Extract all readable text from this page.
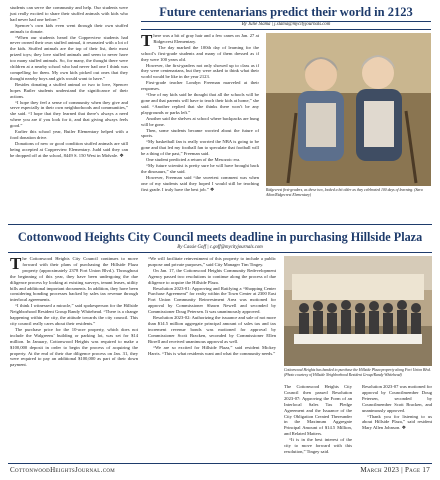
students can serve the community and help. Our students were just really excited to share their stuffed animals with kids who had never had one before.”

Spencer’s own kids even went through their own stuffed animals to donate.

“When our students heard the Copperview students had never owned their own stuffed animal, it resonated with a lot of the kids. Stuffed animals are the top of their list, their most prized toys; they love stuffed animals and seem to never have too many stuffed animals. So, for many, the thought there were children at a nearby school who had never had one I think was compelling for them. My own kids picked out ones that they thought nearby boys and girls would want to have.”

Besides donating a stuffed animal or two to love, Spencer hopes Butler students understand the significance of their actions.

“I hope they feel a sense of community when they give and serve especially in their own neighborhoods and communities,” she said. “I hope that they learned that there’s always a need where you are if you look for it, and that giving always feels good.”

Earlier this school year, Butler Elementary helped with a food donation drive.

Donations of new or good condition stuffed animals are still being accepted at Copperview Elementary. Judd said they can be dropped off at the school, 8449 S. 150 West in Midvale. ❖

Future centenarians predict their world in 2123
By Julie Slama | j.slama@mycityjournals.com

There was a bit of gray hair and a few canes on Jan. 27 at Ridgecrest Elementary.

The day marked the 100th day of learning for the school’s first-grade students and many of them dressed as if they were 100 years old.

However, the first-graders not only showed up to class as if they were centenarians, but they were asked to think what their world would be like in the year 2123.

First-grade teacher Londyn Freeman marveled at their responses.

“One of my kids said he thought that all the schools will be gone and that parents will have to teach their kids at home,” she said. “Another replied that she thinks there won’t be any playgrounds or parks left.”

Another said the shelves at school where backpacks are hung will be gone.

Then, some students became worried about the future of sports.

“My basketball fan is really worried the NBA is going to be gone and that led my football fan to speculate that football will be a thing of the past,” Freeman said.

One student predicted a return of the Mesozoic era.

“My future scientist is pretty sure he will have brought back the dinosaurs,” she said.

However, Freeman said “the sweetest comment was when one of my students said they hoped I would still be teaching first grade. I truly have the best job.” ❖	Ridgecrest first-graders, as these two, looked a bit older as they celebrated 100 days of learning. (Sara Alton/Ridgecrest Elementary)
Cottonwood Heights City Council meets deadline in purchasing Hillside Plaza
By Cassie Goff | c.goff@mycityjournals.com

The Cottonwood Heights City Council continues to move forward with their plans of purchasing the Hillside Plaza property (approximately 2378 Fort Union Blvd.). Throughout the beginning of this year, they have been undergoing the due diligence process by looking at existing surveys, tenant leases, utility bills and additional important documents. In addition, they have been considering bonding processes backed by sales tax revenue through interlocal agreements.

“I think I witnessed a miracle,” said spokesperson for the Hillside Neighborhood Resident Group Randy Whitehead. “There is a change happening within the city, the attitude towards the city council. This city council really cares about their residents.”

The purchase price for the 10-acre property, which does not include the Walgreens’ building or parking lot, was set for $14 million. In January, Cottonwood Heights was required to make a $100,000 deposit in order to begin the process of acquiring the property. At the end of their due diligence process on Jan. 31, they were required to pay an additional $100,000 as part of their down payment.

“We will facilitate reinvestment of this property to include a public purpose and private purposes,” said City Manager Tim Tingey.

On Jan. 17, the Cottonwood Heights Community Redevelopment Agency passed two resolutions to continue along the process of due diligence to acquire the Hillside Plaza.

Resolution 2023-01: Approving and Ratifying a “Shopping Center Purchase Agreement” for realty within the Town Center at 2300 East Fort Union Community Reinvestment Area was motioned for approval by Commissioner Shawn Newell and seconded by Commissioner Doug Petersen. It was unanimously approved.

Resolution 2023-02: Authorizing the issuance and sale of not more than $14.5 million aggregate principal amount of sales tax and tax increment revenue bonds was motioned for approval by Commissioner Scott Bracken, seconded by Commissioner Ellen Birrell and received unanimous approval as well.

“We are so excited for Hillside Plaza,” said resident Mickey Harris. “This is what residents want and what the community needs.”

Cottonwood Heights has banded to purchase the Hillside Plaza property along Fort Union Blvd. (Photo courtesy of Hillside Neighborhood Resident Group/Randy Whitehead)

The Cottonwood Heights City Council then passed Resolution 2023-07: Approving the Form of an Interlocal Sales Tax Pledge Agreement and the Issuance of the City Obligation Created Thereunder in the Maximum Aggregate Principal Amount of $14.5 Million, and Related Matters.

“It is in the best interest of the city to move forward with this resolution,” Tingey said.

Resolution 2023-07 was motioned for approval by Councilmember Doug Petersen, seconded by Councilmember Scott Bracken, and unanimously approved.

“Thank you for listening to us about Hillside Plaza,” said resident Mary Allen Johnson. ❖

CottonwoodHeightsJournal.com	March 2023 | Page 17
